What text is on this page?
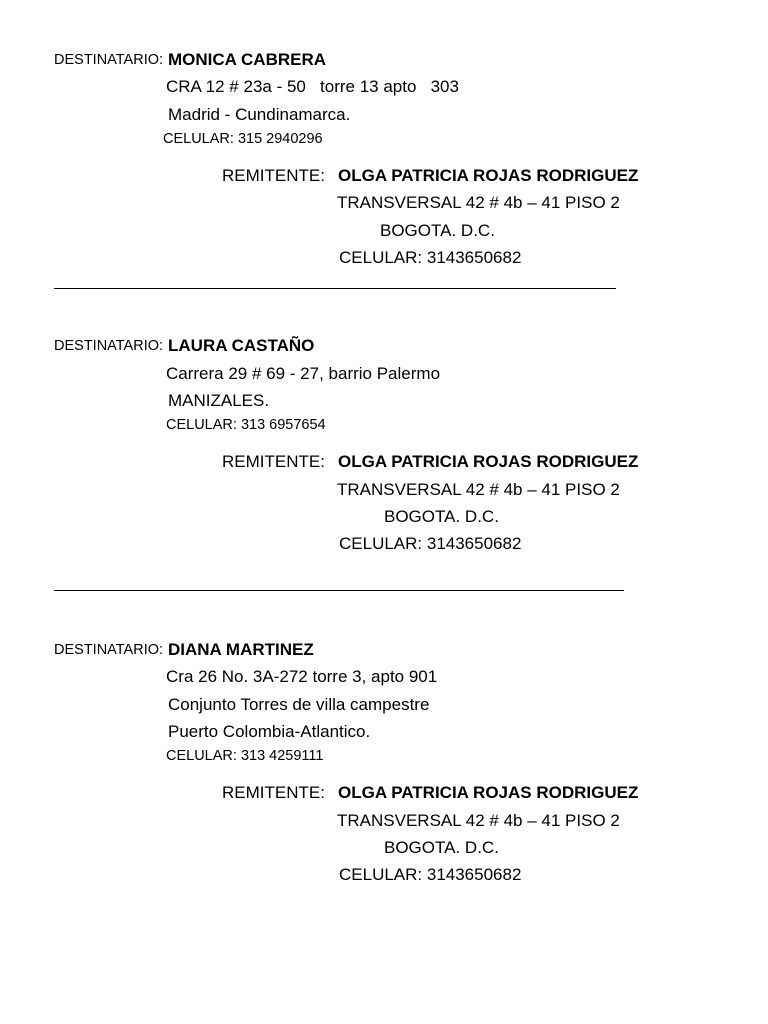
DESTINATARIO: MONICA CABRERA
CRA 12 # 23a - 50   torre 13 apto   303
Madrid - Cundinamarca.
CELULAR: 315 2940296
REMITENTE: OLGA PATRICIA ROJAS RODRIGUEZ
TRANSVERSAL 42 # 4b – 41 PISO 2
BOGOTA. D.C.
CELULAR: 3143650682
DESTINATARIO: LAURA CASTAÑO
Carrera 29 # 69 - 27, barrio Palermo
MANIZALES.
CELULAR: 313 6957654
REMITENTE: OLGA PATRICIA ROJAS RODRIGUEZ
TRANSVERSAL 42 # 4b – 41 PISO 2
BOGOTA. D.C.
CELULAR: 3143650682
DESTINATARIO: DIANA MARTINEZ
Cra 26 No. 3A-272 torre 3, apto 901
Conjunto Torres de villa campestre
Puerto Colombia-Atlantico.
CELULAR: 313 4259111
REMITENTE: OLGA PATRICIA ROJAS RODRIGUEZ
TRANSVERSAL 42 # 4b – 41 PISO 2
BOGOTA. D.C.
CELULAR: 3143650682
